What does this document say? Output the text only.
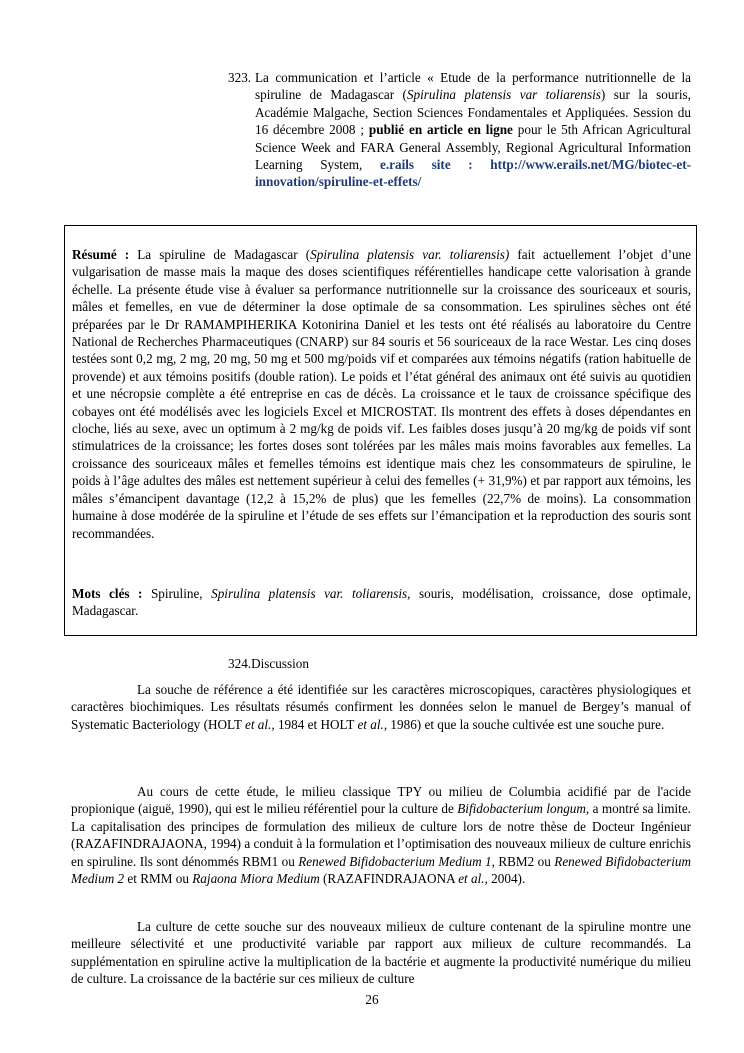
323. La communication et l’article « Etude de la performance nutritionnelle de la spiruline de Madagascar (Spirulina platensis var toliarensis) sur la souris, Académie Malgache, Section Sciences Fondamentales et Appliquées. Session du 16 décembre 2008 ; publié en article en ligne pour le 5th African Agricultural Science Week and FARA General Assembly, Regional Agricultural Information Learning System, e.rails site : http://www.erails.net/MG/biotec-et-innovation/spiruline-et-effets/
Résumé : La spiruline de Madagascar (Spirulina platensis var. toliarensis) fait actuellement l’objet d’une vulgarisation de masse mais la maque des doses scientifiques référentielles handicape cette valorisation à grande échelle. La présente étude vise à évaluer sa performance nutritionnelle sur la croissance des souriceaux et souris, mâles et femelles, en vue de déterminer la dose optimale de sa consommation. Les spirulines sèches ont été préparées par le Dr RAMAMPIHERIKA Kotonirina Daniel et les tests ont été réalisés au laboratoire du Centre National de Recherches Pharmaceutiques (CNARP) sur 84 souris et 56 souriceaux de la race Westar. Les cinq doses testées sont 0,2 mg, 2 mg, 20 mg, 50 mg et 500 mg/poids vif et comparées aux témoins négatifs (ration habituelle de provende) et aux témoins positifs (double ration). Le poids et l’état général des animaux ont été suivis au quotidien et une nécropsie complète a été entreprise en cas de décès. La croissance et le taux de croissance spécifique des cobayes ont été modélisés avec les logiciels Excel et MICROSTAT. Ils montrent des effets à doses dépendantes en cloche, liés au sexe, avec un optimum à 2 mg/kg de poids vif. Les faibles doses jusqu’à 20 mg/kg de poids vif sont stimulatrices de la croissance; les fortes doses sont tolérées par les mâles mais moins favorables aux femelles. La croissance des souriceaux mâles et femelles témoins est identique mais chez les consommateurs de spiruline, le poids à l’âge adultes des mâles est nettement supérieur à celui des femelles (+ 31,9%) et par rapport aux témoins, les mâles s’émancipent davantage (12,2 à 15,2% de plus) que les femelles (22,7% de moins). La consommation humaine à dose modérée de la spiruline et l’étude de ses effets sur l’émancipation et la reproduction des souris sont recommandées.
Mots clés : Spiruline, Spirulina platensis var. toliarensis, souris, modélisation, croissance, dose optimale, Madagascar.
324.Discussion
La souche de référence a été identifiée sur les caractères microscopiques, caractères physiologiques et caractères biochimiques. Les résultats résumés confirment les données selon le manuel de Bergey’s manual of Systematic Bacteriology (HOLT et al., 1984 et HOLT et al., 1986) et que la souche cultivée est une souche pure.
Au cours de cette étude, le milieu classique TPY ou milieu de Columbia acidifié par de l'acide propionique (aiguë, 1990), qui est le milieu référentiel pour la culture de Bifidobacterium longum, a montré sa limite. La capitalisation des principes de formulation des milieux de culture lors de notre thèse de Docteur Ingénieur (RAZAFINDRAJAONA, 1994) a conduit à la formulation et l’optimisation des nouveaux milieux de culture enrichis en spiruline. Ils sont dénommés RBM1 ou Renewed Bifidobacterium Medium 1, RBM2 ou Renewed Bifidobacterium Medium 2 et RMM ou Rajaona Miora Medium (RAZAFINDRAJAONA et al., 2004).
La culture de cette souche sur des nouveaux milieux de culture contenant de la spiruline montre une meilleure sélectivité et une productivité variable par rapport aux milieux de culture recommandés. La supplémentation en spiruline active la multiplication de la bactérie et augmente la productivité numérique du milieu de culture. La croissance de la bactérie sur ces milieux de culture
26
